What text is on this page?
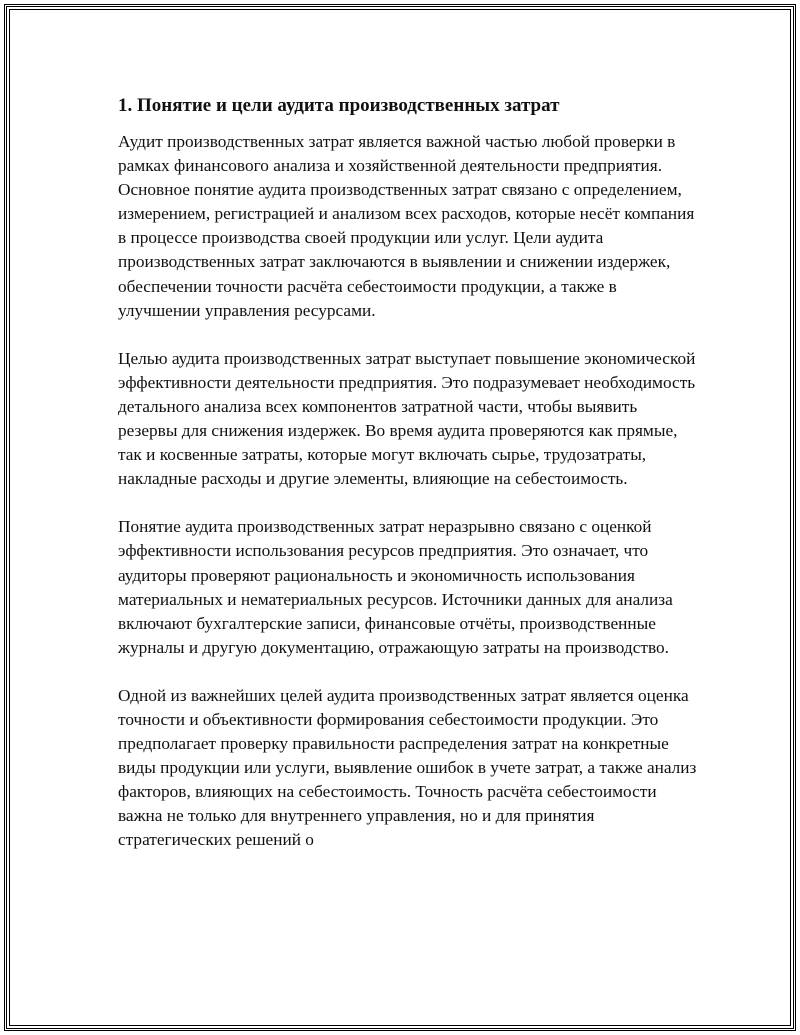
1. Понятие и цели аудита производственных затрат

Аудит производственных затрат является важной частью любой проверки в рамках финансового анализа и хозяйственной деятельности предприятия. Основное понятие аудита производственных затрат связано с определением, измерением, регистрацией и анализом всех расходов, которые несёт компания в процессе производства своей продукции или услуг. Цели аудита производственных затрат заключаются в выявлении и снижении издержек, обеспечении точности расчёта себестоимости продукции, а также в улучшении управления ресурсами.

Целью аудита производственных затрат выступает повышение экономической эффективности деятельности предприятия. Это подразумевает необходимость детального анализа всех компонентов затратной части, чтобы выявить резервы для снижения издержек. Во время аудита проверяются как прямые, так и косвенные затраты, которые могут включать сырье, трудозатраты, накладные расходы и другие элементы, влияющие на себестоимость.

Понятие аудита производственных затрат неразрывно связано с оценкой эффективности использования ресурсов предприятия. Это означает, что аудиторы проверяют рациональность и экономичность использования материальных и нематериальных ресурсов. Источники данных для анализа включают бухгалтерские записи, финансовые отчёты, производственные журналы и другую документацию, отражающую затраты на производство.

Одной из важнейших целей аудита производственных затрат является оценка точности и объективности формирования себестоимости продукции. Это предполагает проверку правильности распределения затрат на конкретные виды продукции или услуги, выявление ошибок в учете затрат, а также анализ факторов, влияющих на себестоимость. Точность расчёта себестоимости важна не только для внутреннего управления, но и для принятия стратегических решений о
